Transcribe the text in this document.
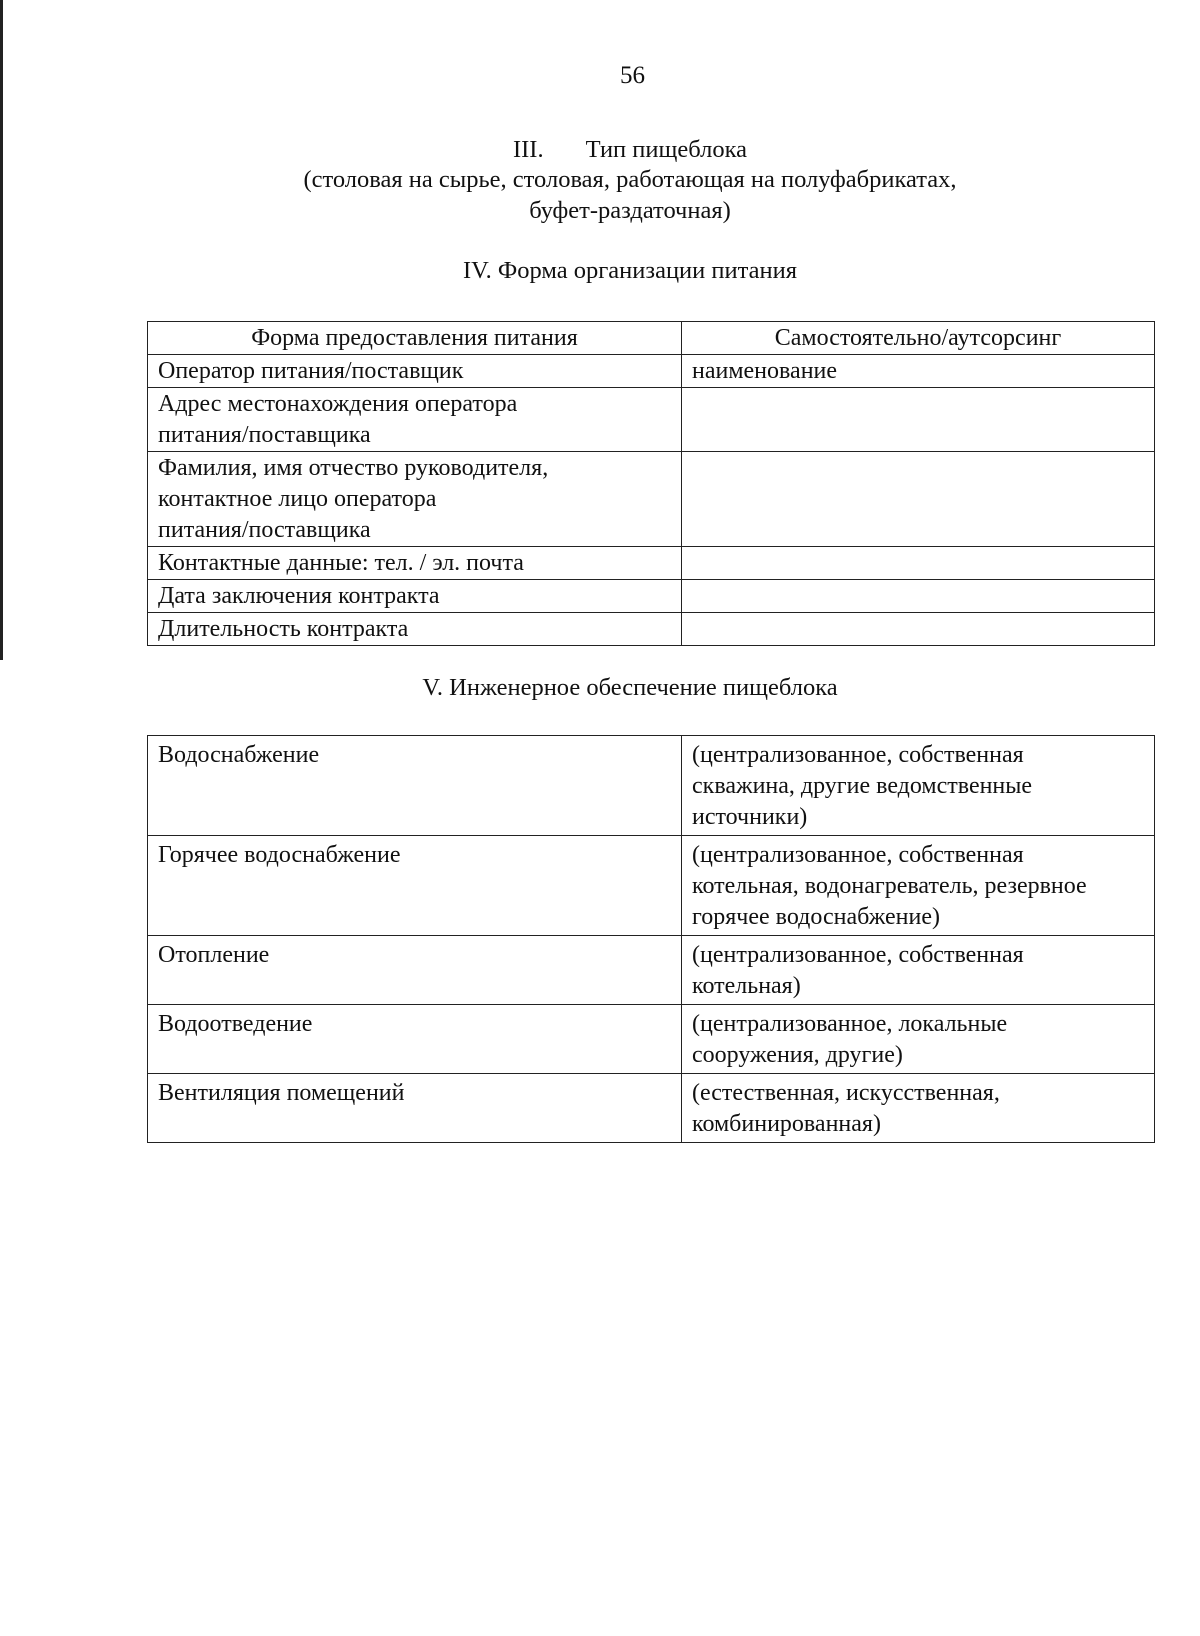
56
III. Тип пищеблока
(столовая на сырье, столовая, работающая на полуфабрикатах,
буфет-раздаточная)
IV. Форма организации питания
Форма предоставления питания	Самостоятельно/аутсорсинг

Оператор питания/поставщик	наименование

Адрес местонахождения оператора
питания/поставщика	

Фамилия, имя отчество руководителя,
контактное лицо оператора
питания/поставщика	

Контактные данные: тел. / эл. почта	

Дата заключения контракта	

Длительность контракта	

V. Инженерное обеспечение пищеблока
Водоснабжение	(централизованное, собственная
скважина, другие ведомственные
источники)

Горячее водоснабжение	(централизованное, собственная
котельная, водонагреватель, резервное
горячее водоснабжение)

Отопление	(централизованное, собственная
котельная)

Водоотведение	(централизованное, локальные
сооружения, другие)

Вентиляция помещений	(естественная, искусственная,
комбинированная)
